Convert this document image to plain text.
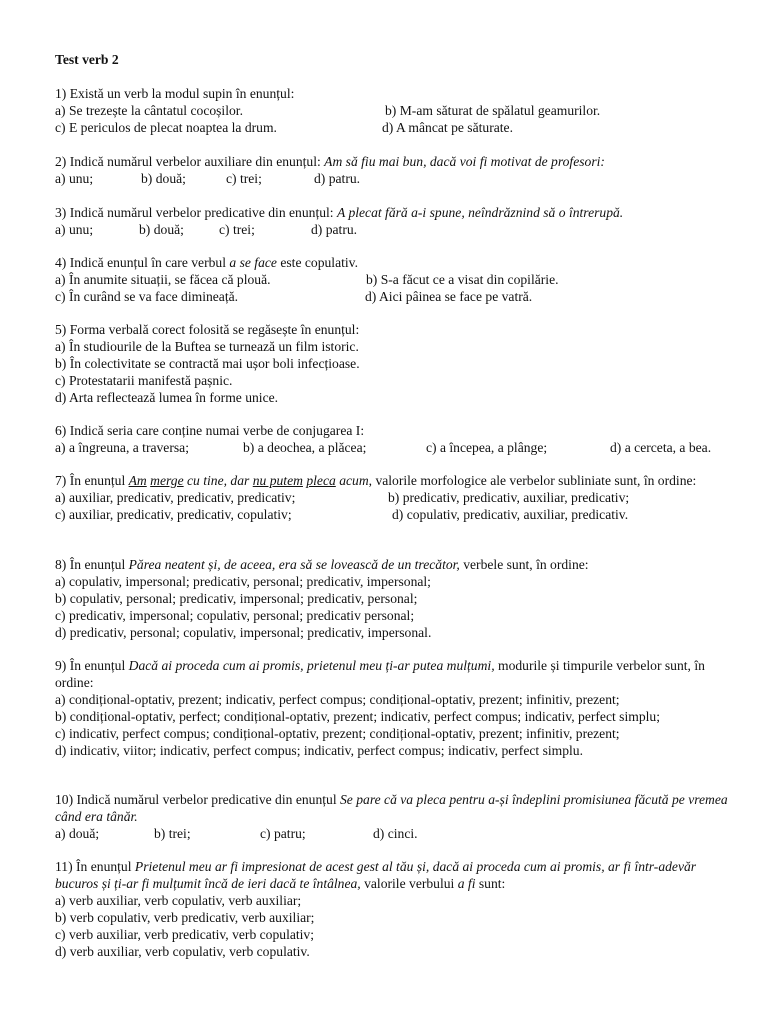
Test verb 2
1) Există un verb la modul supin în enunțul:
a) Se trezește la cântatul cocoșilor.	b) M-am săturat de spălatul geamurilor.
c) E periculos de plecat noaptea la drum.	d) A mâncat pe săturate.
2) Indică numărul verbelor auxiliare din enunțul: Am să fiu mai bun, dacă voi fi motivat de profesori:
a) unu;	b) două;	c) trei;	d) patru.
3) Indică numărul verbelor predicative din enunțul: A plecat fără a-i spune, neîndrăznind să o întrerupă.
a) unu;	b) două;	c) trei;	d) patru.
4) Indică enunțul în care verbul a se face este copulativ.
a) În anumite situații, se făcea că plouă.	b) S-a făcut ce a visat din copilărie.
c) În curând se va face dimineață.	d) Aici pâinea se face pe vatră.
5) Forma verbală corect folosită se regăsește în enunțul:
a) În studiourile de la Buftea se turnează un film istoric.
b) În colectivitate se contractă mai ușor boli infecțioase.
c) Protestatarii manifestă pașnic.
d) Arta reflectează lumea în forme unice.
6) Indică seria care conține numai verbe de conjugarea I:
a) a îngreuna, a traversa;	b) a deochea, a plăcea;	c) a începea, a plânge;	d) a cerceta, a bea.
7) În enunțul Am merge cu tine, dar nu putem pleca acum, valorile morfologice ale verbelor subliniate sunt, în ordine:
a) auxiliar, predicativ, predicativ, predicativ;	b) predicativ, predicativ, auxiliar, predicativ;
c) auxiliar, predicativ, predicativ, copulativ;	d) copulativ, predicativ, auxiliar, predicativ.
8) În enunțul Părea neatent și, de aceea, era să se lovească de un trecător, verbele sunt, în ordine:
a) copulativ, impersonal; predicativ, personal; predicativ, impersonal;
b) copulativ, personal; predicativ, impersonal; predicativ, personal;
c) predicativ, impersonal; copulativ, personal; predicativ personal;
d) predicativ, personal; copulativ, impersonal; predicativ, impersonal.
9) În enunțul Dacă ai proceda cum ai promis, prietenul meu ți-ar putea mulțumi, modurile și timpurile verbelor sunt, în ordine:
a) condițional-optativ, prezent; indicativ, perfect compus; condițional-optativ, prezent; infinitiv, prezent;
b) condițional-optativ, perfect; condițional-optativ, prezent; indicativ, perfect compus; indicativ, perfect simplu;
c) indicativ, perfect compus; condițional-optativ, prezent; condițional-optativ, prezent; infinitiv, prezent;
d) indicativ, viitor; indicativ, perfect compus; indicativ, perfect compus; indicativ, perfect simplu.
10) Indică numărul verbelor predicative din enunțul Se pare că va pleca pentru a-și îndeplini promisiunea făcută pe vremea când era tânăr.
a) două;	b) trei;	c) patru;	d) cinci.
11) În enunțul Prietenul meu ar fi impresionat de acest gest al tău și, dacă ai proceda cum ai promis, ar fi într-adevăr bucuros și ți-ar fi mulțumit încă de ieri dacă te întâlnea, valorile verbului a fi sunt:
a) verb auxiliar, verb copulativ, verb auxiliar;
b) verb copulativ, verb predicativ, verb auxiliar;
c) verb auxiliar, verb predicativ, verb copulativ;
d) verb auxiliar, verb copulativ, verb copulativ.
